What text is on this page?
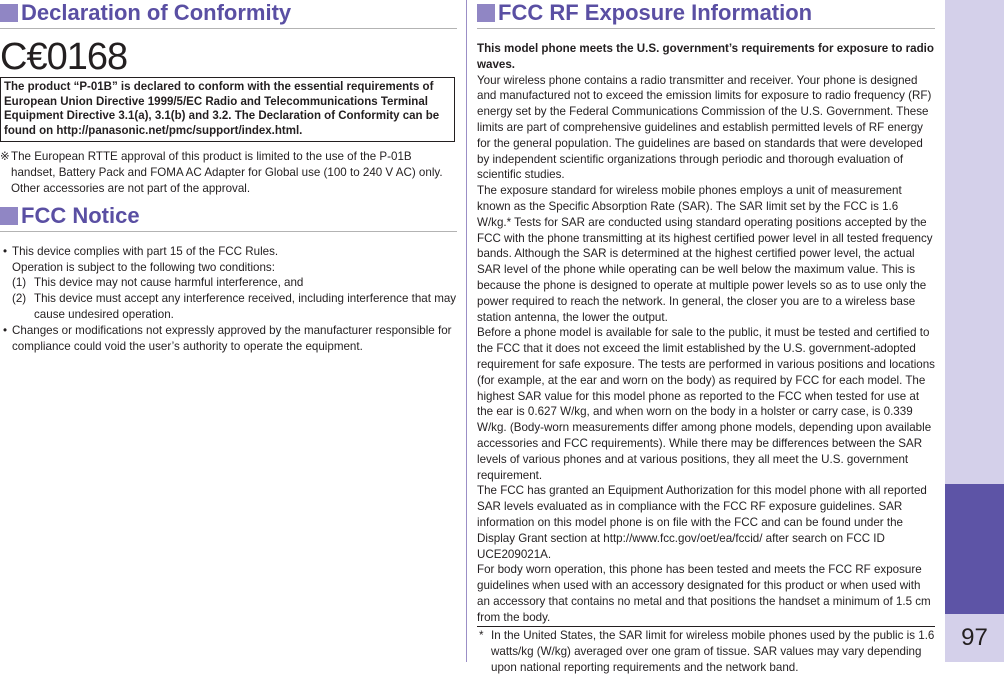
Declaration of Conformity
C€0168
The product “P-01B” is declared to conform with the essential requirements of European Union Directive 1999/5/EC Radio and Telecommunications Terminal Equipment Directive 3.1(a), 3.1(b) and 3.2. The Declaration of Conformity can be found on http://panasonic.net/pmc/support/index.html.
※ The European RTTE approval of this product is limited to the use of the P-01B handset, Battery Pack and FOMA AC Adapter for Global use (100 to 240 V AC) only. Other accessories are not part of the approval.
FCC Notice
• This device complies with part 15 of the FCC Rules.
Operation is subject to the following two conditions:
(1) This device may not cause harmful interference, and
(2) This device must accept any interference received, including interference that may cause undesired operation.
• Changes or modifications not expressly approved by the manufacturer responsible for compliance could void the user’s authority to operate the equipment.
FCC RF Exposure Information

This model phone meets the U.S. government’s requirements for exposure to radio waves.

Your wireless phone contains a radio transmitter and receiver. Your phone is designed and manufactured not to exceed the emission limits for exposure to radio frequency (RF) energy set by the Federal Communications Commission of the U.S. Government. These limits are part of comprehensive guidelines and establish permitted levels of RF energy for the general population. The guidelines are based on standards that were developed by independent scientific organizations through periodic and thorough evaluation of scientific studies.

The exposure standard for wireless mobile phones employs a unit of measurement known as the Specific Absorption Rate (SAR). The SAR limit set by the FCC is 1.6 W/kg.* Tests for SAR are conducted using standard operating positions accepted by the FCC with the phone transmitting at its highest certified power level in all tested frequency bands. Although the SAR is determined at the highest certified power level, the actual SAR level of the phone while operating can be well below the maximum value. This is because the phone is designed to operate at multiple power levels so as to use only the power required to reach the network. In general, the closer you are to a wireless base station antenna, the lower the output.

Before a phone model is available for sale to the public, it must be tested and certified to the FCC that it does not exceed the limit established by the U.S. government-adopted requirement for safe exposure. The tests are performed in various positions and locations (for example, at the ear and worn on the body) as required by FCC for each model. The highest SAR value for this model phone as reported to the FCC when tested for use at the ear is 0.627 W/kg, and when worn on the body in a holster or carry case, is 0.339 W/kg. (Body-worn measurements differ among phone models, depending upon available accessories and FCC requirements). While there may be differences between the SAR levels of various phones and at various positions, they all meet the U.S. government requirement.

The FCC has granted an Equipment Authorization for this model phone with all reported SAR levels evaluated as in compliance with the FCC RF exposure guidelines. SAR information on this model phone is on file with the FCC and can be found under the Display Grant section at http://www.fcc.gov/oet/ea/fccid/ after search on FCC ID UCE209021A.

For body worn operation, this phone has been tested and meets the FCC RF exposure guidelines when used with an accessory designated for this product or when used with an accessory that contains no metal and that positions the handset a minimum of 1.5 cm from the body.

* In the United States, the SAR limit for wireless mobile phones used by the public is 1.6 watts/kg (W/kg) averaged over one gram of tissue. SAR values may vary depending upon national reporting requirements and the network band.
Others
97
